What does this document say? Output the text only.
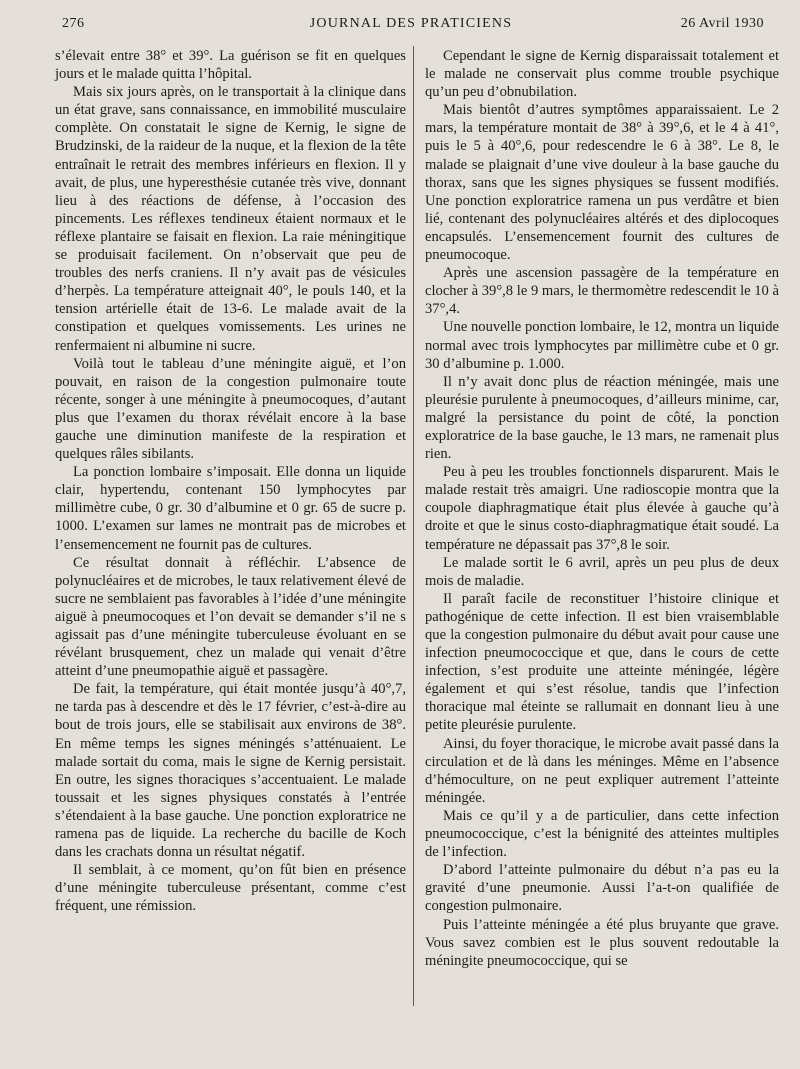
276	JOURNAL DES PRATICIENS	26 Avril 1930

s’élevait entre 38° et 39°. La guérison se fit en quelques jours et le malade quitta l’hôpital.

Mais six jours après, on le transportait à la clinique dans un état grave, sans connaissance, en immobilité musculaire complète. On constatait le signe de Kernig, le signe de Brudzinski, de la raideur de la nuque, et la flexion de la tête entraînait le retrait des membres inférieurs en flexion. Il y avait, de plus, une hyperesthésie cutanée très vive, donnant lieu à des réactions de défense, à l’occasion des pincements. Les réflexes tendineux étaient normaux et le réflexe plantaire se faisait en flexion. La raie méningitique se produisait facilement. On n’observait que peu de troubles des nerfs craniens. Il n’y avait pas de vésicules d’herpès. La température atteignait 40°, le pouls 140, et la tension artérielle était de 13-6. Le malade avait de la constipation et quelques vomissements. Les urines ne renfermaient ni albumine ni sucre.

Voilà tout le tableau d’une méningite aiguë, et l’on pouvait, en raison de la congestion pulmonaire toute récente, songer à une méningite à pneumocoques, d’autant plus que l’examen du thorax révélait encore à la base gauche une diminution manifeste de la respiration et quelques râles sibilants.

La ponction lombaire s’imposait. Elle donna un liquide clair, hypertendu, contenant 150 lymphocytes par millimètre cube, 0 gr. 30 d’albumine et 0 gr. 65 de sucre p. 1000. L’examen sur lames ne montrait pas de microbes et l’ensemencement ne fournit pas de cultures.

Ce résultat donnait à réfléchir. L’absence de polynucléaires et de microbes, le taux relativement élevé de sucre ne semblaient pas favorables à l’idée d’une méningite aiguë à pneumocoques et l’on devait se demander s’il ne s agissait pas d’une méningite tuberculeuse évoluant en se révélant brusquement, chez un malade qui venait d’être atteint d’une pneumopathie aiguë et passagère.

De fait, la température, qui était montée jusqu’à 40°,7, ne tarda pas à descendre et dès le 17 février, c’est-à-dire au bout de trois jours, elle se stabilisait aux environs de 38°. En même temps les signes méningés s’atténuaient. Le malade sortait du coma, mais le signe de Kernig persistait. En outre, les signes thoraciques s’accentuaient. Le malade toussait et les signes physiques constatés à l’entrée s’étendaient à la base gauche. Une ponction exploratrice ne ramena pas de liquide. La recherche du bacille de Koch dans les crachats donna un résultat négatif.

Il semblait, à ce moment, qu’on fût bien en présence d’une méningite tuberculeuse présentant, comme c’est fréquent, une rémission.

Cependant le signe de Kernig disparaissait totalement et le malade ne conservait plus comme trouble psychique qu’un peu d’obnubilation.

Mais bientôt d’autres symptômes apparaissaient. Le 2 mars, la température montait de 38° à 39°,6, et le 4 à 41°, puis le 5 à 40°,6, pour redescendre le 6 à 38°. Le 8, le malade se plaignait d’une vive douleur à la base gauche du thorax, sans que les signes physiques se fussent modifiés. Une ponction exploratrice ramena un pus verdâtre et bien lié, contenant des polynucléaires altérés et des diplocoques encapsulés. L’ensemencement fournit des cultures de pneumocoque.

Après une ascension passagère de la température en clocher à 39°,8 le 9 mars, le thermomètre redescendit le 10 à 37°,4.

Une nouvelle ponction lombaire, le 12, montra un liquide normal avec trois lymphocytes par millimètre cube et 0 gr. 30 d’albumine p. 1.000.

Il n’y avait donc plus de réaction méningée, mais une pleurésie purulente à pneumocoques, d’ailleurs minime, car, malgré la persistance du point de côté, la ponction exploratrice de la base gauche, le 13 mars, ne ramenait plus rien.

Peu à peu les troubles fonctionnels disparurent. Mais le malade restait très amaigri. Une radioscopie montra que la coupole diaphragmatique était plus élevée à gauche qu’à droite et que le sinus costo-diaphragmatique était soudé. La température ne dépassait pas 37°,8 le soir.

Le malade sortit le 6 avril, après un peu plus de deux mois de maladie.

Il paraît facile de reconstituer l’histoire clinique et pathogénique de cette infection. Il est bien vraisemblable que la congestion pulmonaire du début avait pour cause une infection pneumococcique et que, dans le cours de cette infection, s’est produite une atteinte méningée, légère également et qui s’est résolue, tandis que l’infection thoracique mal éteinte se rallumait en donnant lieu à une petite pleurésie purulente.

Ainsi, du foyer thoracique, le microbe avait passé dans la circulation et de là dans les méninges. Même en l’absence d’hémoculture, on ne peut expliquer autrement l’atteinte méningée.

Mais ce qu’il y a de particulier, dans cette infection pneumococcique, c’est la bénignité des atteintes multiples de l’infection.

D’abord l’atteinte pulmonaire du début n’a pas eu la gravité d’une pneumonie. Aussi l’a-t-on qualifiée de congestion pulmonaire.

Puis l’atteinte méningée a été plus bruyante que grave. Vous savez combien est le plus souvent redoutable la méningite pneumococcique, qui se
